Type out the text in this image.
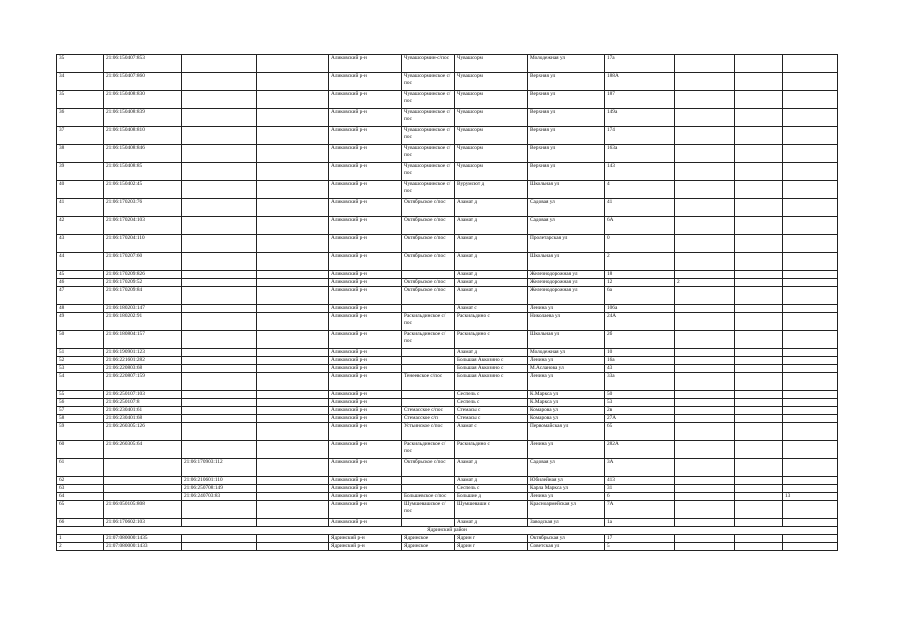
35	21:06:150407:853			Аликовский р-н	Чувашсормин-с/пос	Чувашсорм	Молодежная ул	17а			
34	21:06:150407:860			Аликовский р-н	Чувашсорминское с/пос	Чувашсорм	Верхняя ул	188А			
35	21:06:150408:830			Аликовский р-н	Чувашсорминское с/пос	Чувашсорм	Верхняя ул	187			
36	21:06:150408:839			Аликовский р-н	Чувашсорминское с/пос	Чувашсорм	Верхняя ул	149а			
37	21:06:150408:810			Аликовский р-н	Чувашсорминское с/пос	Чувашсорм	Верхняя ул	174			
38	21:06:150408:846			Аликовский р-н	Чувашсорминское с/пос	Чувашсорм	Верхняя ул	163а			
39	21:06:150408:85			Аликовский р-н	Чувашсорминское с/пос	Чувашсорм	Верхняя ул	143			
40	21:06:150402:45			Аликовский р-н	Чувашсорминское с/пос	Вурумсют д	Школьная ул	4			
41	21:06:170203:76			Аликовский р-н	Октябрьское с/пос	Азамат д	Садовая ул	41			
42	21:06:170204:103			Аликовский р-н	Октябрьское с/пос	Азамат д	Садовая ул	6А			
43	21:06:170204:110			Аликовский р-н	Октябрьское с/пос	Азамат д	Пролетарская ул	0			
44	21:06:170207:60			Аликовский р-н	Октябрьское с/пос	Азамат д	Школьная ул	2			
45	21:06:170209:826			Аликовский р-н		Азамат д	Железнодорожная ул	18			
46	21:06:170209:52			Аликовский р-н	Октябрьское с/пос	Азамат д	Железнодорожная ул	12	2		
47	21:06:170209:84			Аликовский р-н	Октябрьское с/пос	Азамат д	Железнодорожная ул	6а			
48	21:06:180203:147			Аликовский р-н		Азамат с	Ленина ул	106а			
49	21:06:180202:91			Аликовский р-н	Раскильдинское с/пос	Раскильдино с	Николаева ул	24А			
50	21:06:180804:157			Аликовский р-н	Раскильдинское с/пос	Раскильдино с	Школьная ул	2б			
51	21:06:190901:123			Аликовский р-н		Азамат д	Молодежная ул	10			
52	21:06:221601:282			Аликовский р-н		Большая Аккозино с	Ленина ул	16а			
53	21:06:220803:68			Аликовский р-н		Большая Аккозино с	М.Асланова ул	43			
54	21:06:220807:159			Аликовский р-н	Тенеевское с/пос	Большая Аккозино с	Ленина ул	33а			
55	21:06:250107:103			Аликовский р-н		Сеспель с	К.Маркса ул	50			
56	21:06:250107:8			Аликовский р-н		Сеспель с	К.Маркса ул	53			
57	21:06:230401:61			Аликовский р-н	Стемасское с/пос	Стемасы с	Комарова ул	2в			
58	21:06:230401:68			Аликовский р-н	Стемасское с/п	Стемасы с	Комарова ул	27А			
59	21:06:260305:126			Аликовский р-н	Устьинское с/пос	Азамат с	Первомайская ул	65			
60	21:06:260305:64			Аликовский р-н	Раскильдинское с/пос	Раскильдино с	Ленина ул	282А			
61		21:06:170903:112		Аликовский р-н	Октябрьское с/пос	Азамат д	Садовая ул	3А			
62		21:06:210601:110		Аликовский р-н		Азамат д	Юбилейная ул	413			
63		21:06:250708:149		Аликовский р-н		Сеспель с	Карла Маркса ул	31			
64		21:06:240703:83		Аликовский р-н	Большевское с/пос	Большие д	Ленина ул	6			13
65	21:06:050105:808			Аликовский р-н	Шумшевашское с/пос	Шумшеваши с	Красноармейская ул	7А			
66	21:06:170602:103			Аликовский р-н		Азамат д	Заводская ул	1а			
Ядринский район											
1	21:07:080000:1435			Ядринский р-н	Ядринское	Ядрин г	Октябрьская ул	17			
2	21:07:080000:1433			Ядринский р-н	Ядринское	Ядрин г	Советская ул	5			
